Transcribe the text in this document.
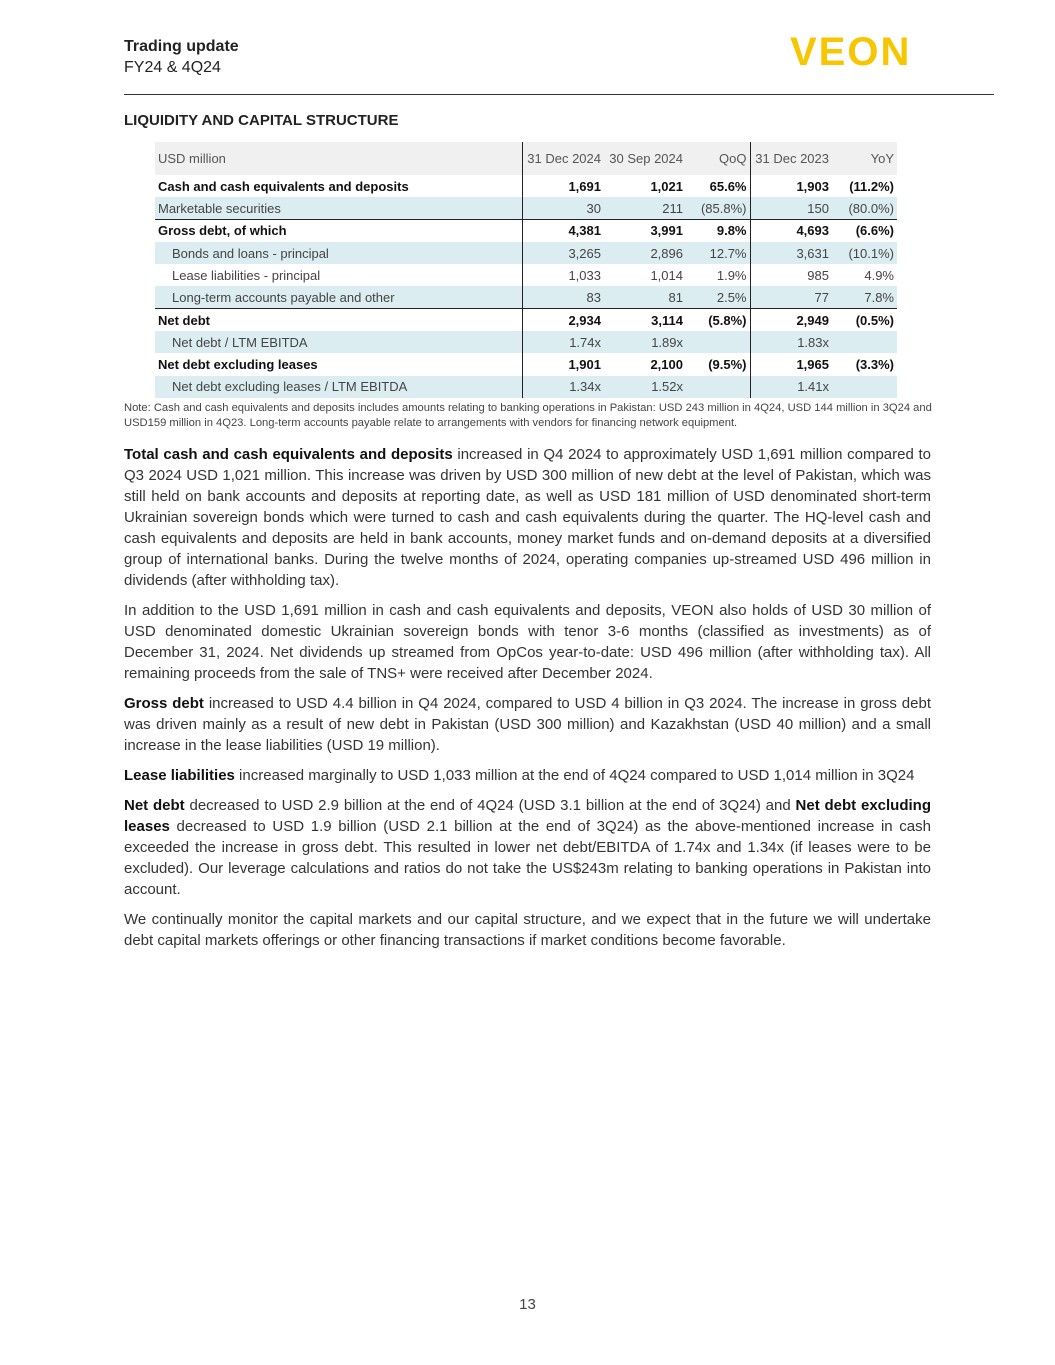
Trading update
FY24 & 4Q24	VEON
LIQUIDITY AND CAPITAL STRUCTURE
USD million	31 Dec 2024	30 Sep 2024	QoQ	31 Dec 2023	YoY
Cash and cash equivalents and deposits	1,691	1,021	65.6%	1,903	(11.2%)
Marketable securities	30	211	(85.8%)	150	(80.0%)
Gross debt, of which	4,381	3,991	9.8%	4,693	(6.6%)
Bonds and loans - principal	3,265	2,896	12.7%	3,631	(10.1%)
Lease liabilities - principal	1,033	1,014	1.9%	985	4.9%
Long-term accounts payable and other	83	81	2.5%	77	7.8%
Net debt	2,934	3,114	(5.8%)	2,949	(0.5%)
Net debt / LTM EBITDA	1.74x	1.89x		1.83x	
Net debt excluding leases	1,901	2,100	(9.5%)	1,965	(3.3%)
Net debt excluding leases / LTM EBITDA	1.34x	1.52x		1.41x	
Note: Cash and cash equivalents and deposits includes amounts relating to banking operations in Pakistan: USD 243 million in 4Q24, USD 144 million in 3Q24 and USD159 million in 4Q23. Long-term accounts payable relate to arrangements with vendors for financing network equipment.

Total cash and cash equivalents and deposits increased in Q4 2024 to approximately USD 1,691 million compared to Q3 2024 USD 1,021 million. This increase was driven by USD 300 million of new debt at the level of Pakistan, which was still held on bank accounts and deposits at reporting date, as well as USD 181 million of USD denominated short-term Ukrainian sovereign bonds which were turned to cash and cash equivalents during the quarter. The HQ-level cash and cash equivalents and deposits are held in bank accounts, money market funds and on-demand deposits at a diversified group of international banks. During the twelve months of 2024, operating companies up-streamed USD 496 million in dividends (after withholding tax).

In addition to the USD 1,691 million in cash and cash equivalents and deposits, VEON also holds of USD 30 million of USD denominated domestic Ukrainian sovereign bonds with tenor 3-6 months (classified as investments) as of December 31, 2024. Net dividends up streamed from OpCos year-to-date: USD 496 million (after withholding tax). All remaining proceeds from the sale of TNS+ were received after December 2024.

Gross debt increased to USD 4.4 billion in Q4 2024, compared to USD 4 billion in Q3 2024. The increase in gross debt was driven mainly as a result of new debt in Pakistan (USD 300 million) and Kazakhstan (USD 40 million) and a small increase in the lease liabilities (USD 19 million).

Lease liabilities increased marginally to USD 1,033 million at the end of 4Q24 compared to USD 1,014 million in 3Q24

Net debt decreased to USD 2.9 billion at the end of 4Q24 (USD 3.1 billion at the end of 3Q24) and Net debt excluding leases decreased to USD 1.9 billion (USD 2.1 billion at the end of 3Q24) as the above-mentioned increase in cash exceeded the increase in gross debt. This resulted in lower net debt/EBITDA of 1.74x and 1.34x (if leases were to be excluded). Our leverage calculations and ratios do not take the US$243m relating to banking operations in Pakistan into account.

We continually monitor the capital markets and our capital structure, and we expect that in the future we will undertake debt capital markets offerings or other financing transactions if market conditions become favorable.

13
